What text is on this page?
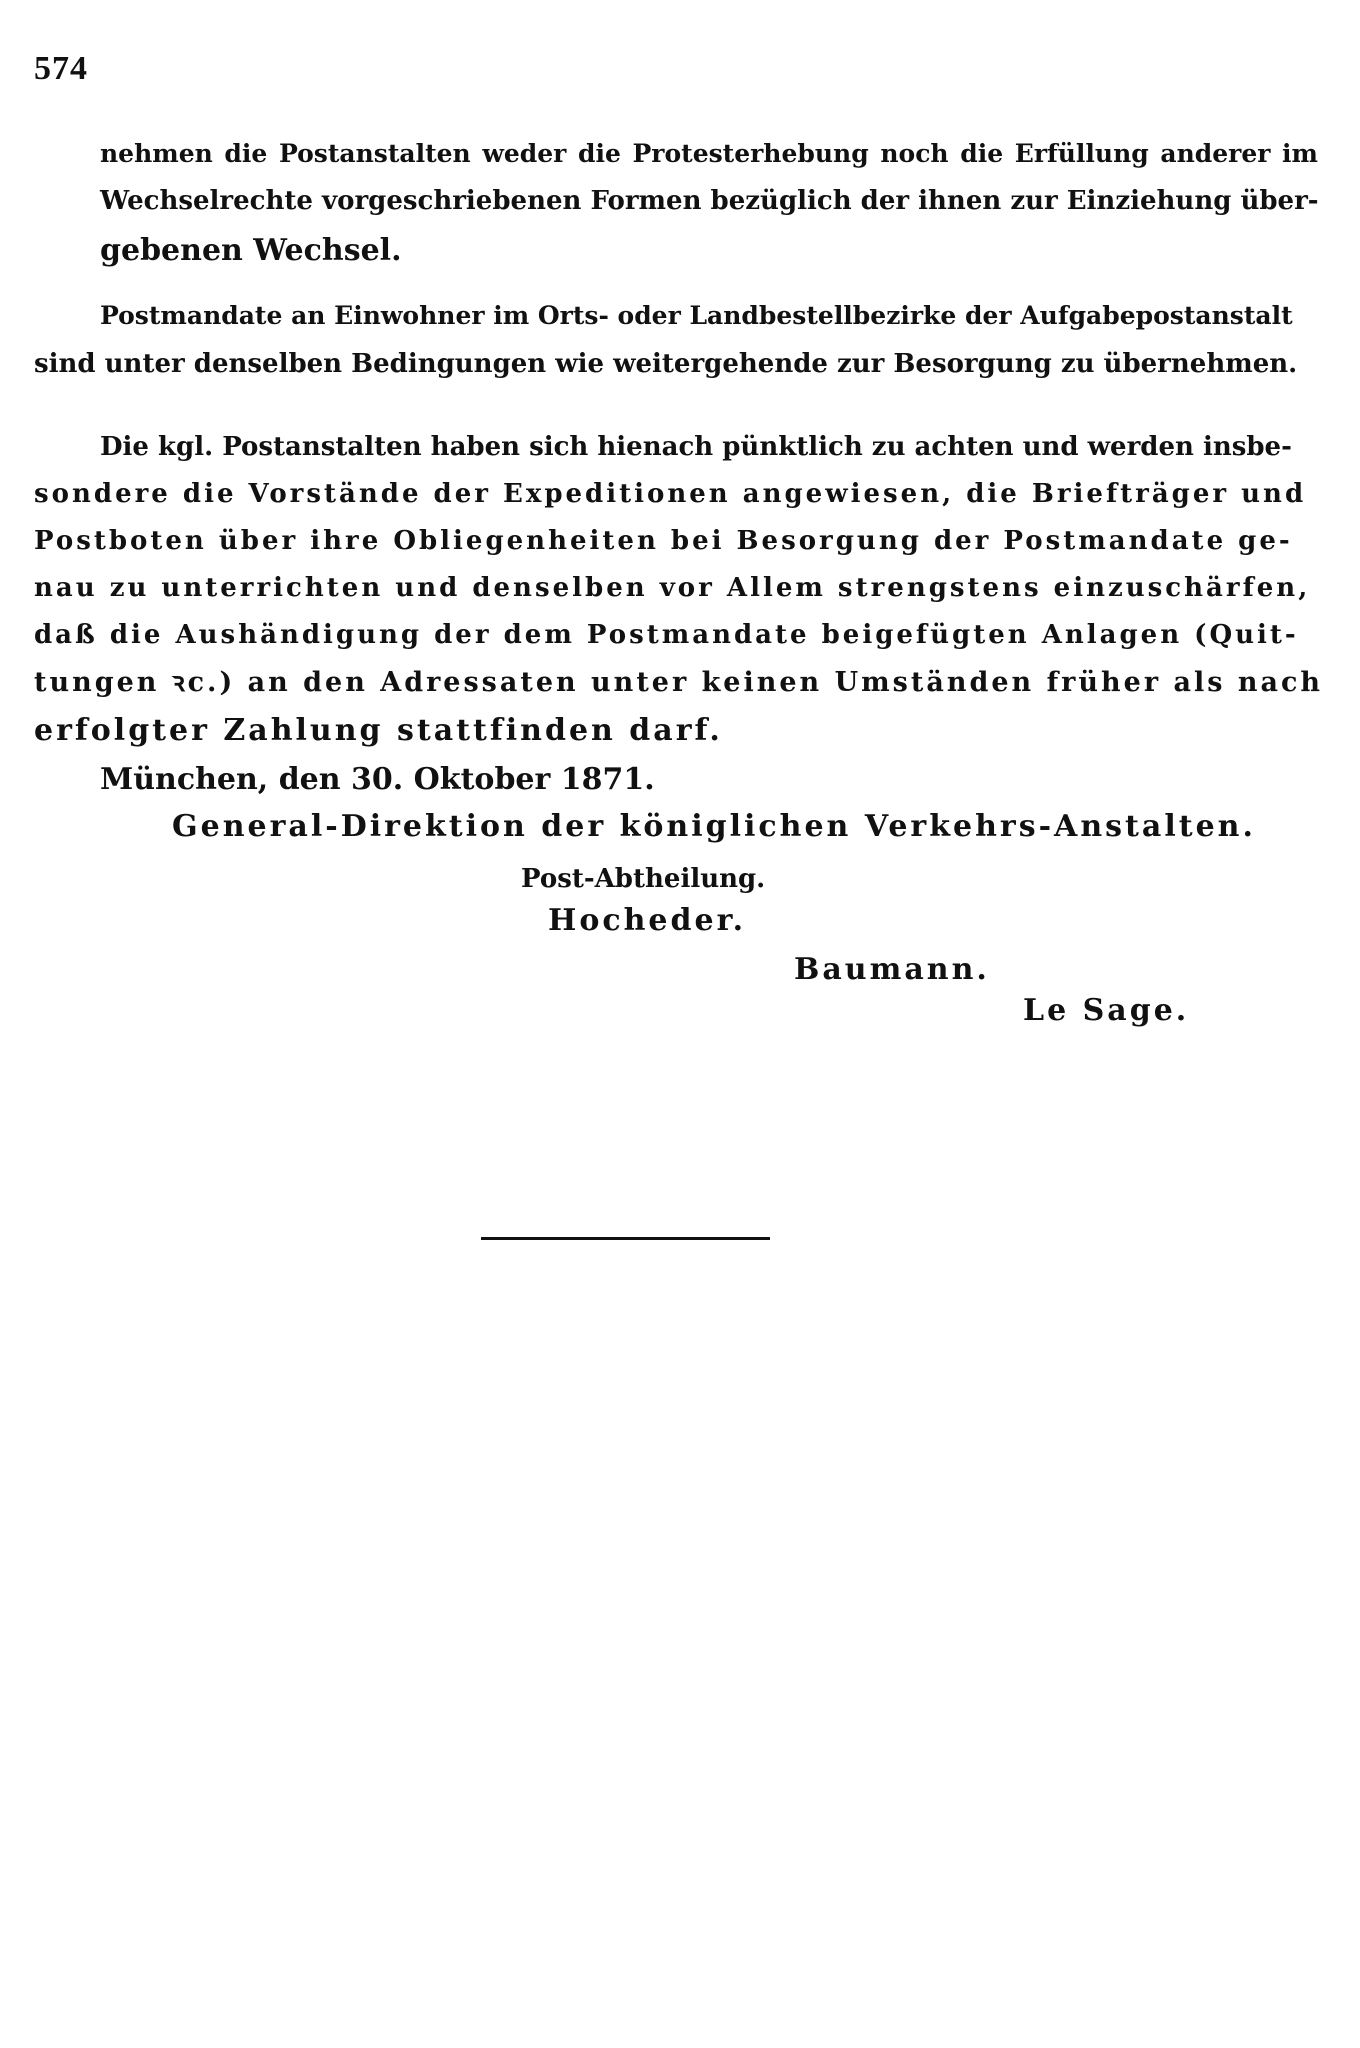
574
nehmen die Postanstalten weder die Protesterhebung noch die Erfüllung anderer im
Wechselrechte vorgeschriebenen Formen bezüglich der ihnen zur Einziehung über-
gebenen Wechsel.
Postmandate an Einwohner im Orts- oder Landbestellbezirke der Aufgabepostanstalt
sind unter denselben Bedingungen wie weitergehende zur Besorgung zu übernehmen.
Die kgl. Postanstalten haben sich hienach pünktlich zu achten und werden insbe-
sondere die Vorstände der Expeditionen angewiesen, die Briefträger und
Postboten über ihre Obliegenheiten bei Besorgung der Postmandate ge-
nau zu unterrichten und denselben vor Allem strengstens einzuschärfen,
daß die Aushändigung der dem Postmandate beigefügten Anlagen (Quit-
tungen ꝛc.) an den Adressaten unter keinen Umständen früher als nach
erfolgter Zahlung stattfinden darf.
München, den 30. Oktober 1871.
General-Direktion der königlichen Verkehrs-Anstalten.
Post-Abtheilung.
Hocheder.
Baumann.
Le Sage.
